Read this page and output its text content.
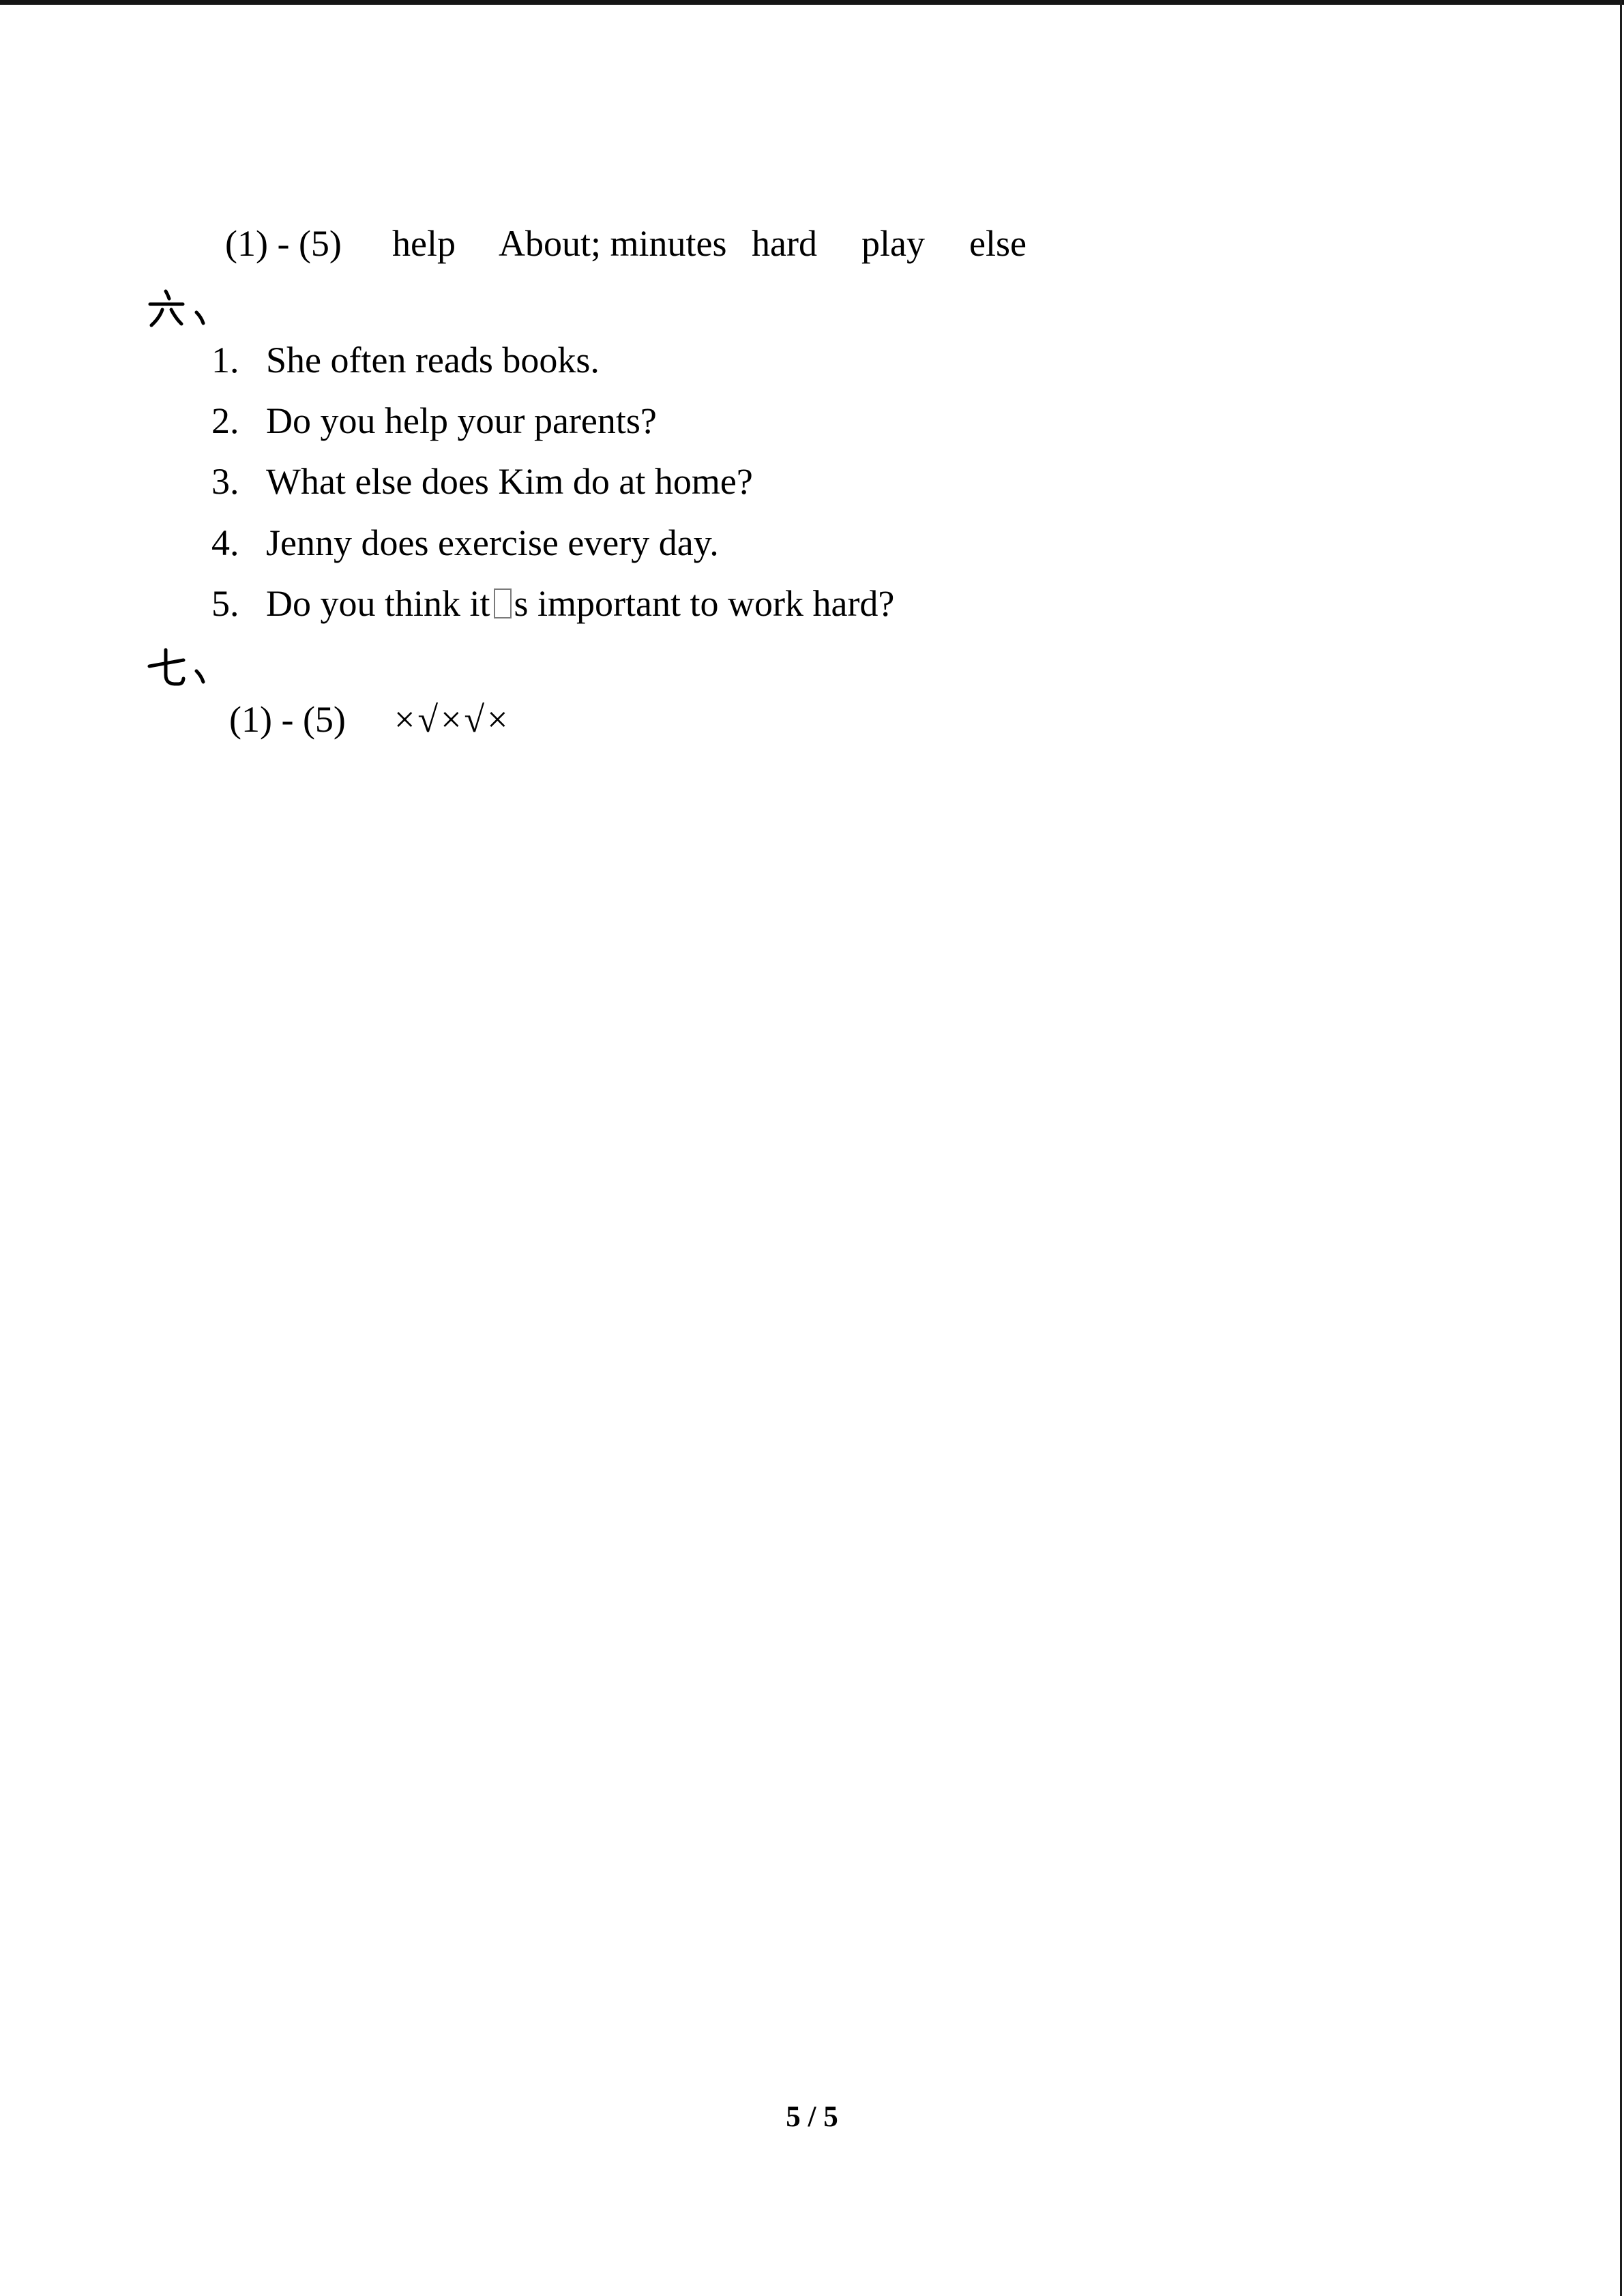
(1) - (5) help About; minutes hard play else
1. She often reads books.
2. Do you help your parents?
3. What else does Kim do at home?
4. Jenny does exercise every day.
5. Do you think it s important to work hard?
(1) - (5) ×√×√×
5 / 5
